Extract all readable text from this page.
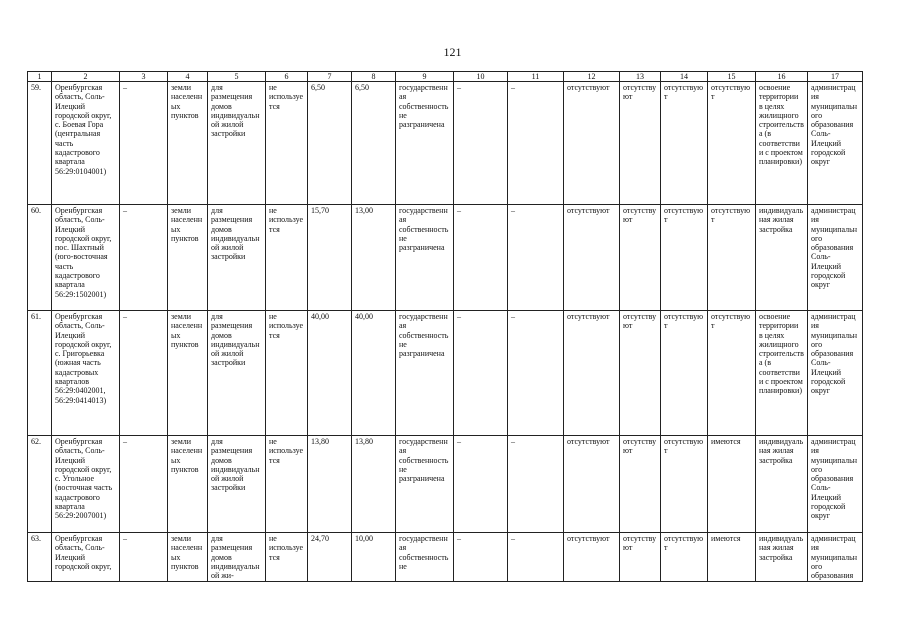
121
1	2	3	4	5	6	7	8	9	10	11	12	13	14	15	16	17
59.	Оренбургская область, Соль-Илецкий городской округ, с. Боевая Гора (центральная часть кадастрового квартала 56:29:0104001)	–	земли населенных пунктов	для размещения домов индивидуальной жилой застройки	не используется	6,50	6,50	государственная собственность не разграничена	–	–	отсутствуют	отсутствуют	отсутствуют	отсутствуют	освоение территории в целях жилищного строительства (в соответствии с проектом планировки)	администрация муниципального образования Соль-Илецкий городской округ
60.	Оренбургская область, Соль-Илецкий городской округ, пос. Шахтный (юго-восточная часть кадастрового квартала 56:29:1502001)	–	земли населенных пунктов	для размещения домов индивидуальной жилой застройки	не используется	15,70	13,00	государственная собственность не разграничена	–	–	отсутствуют	отсутствуют	отсутствуют	отсутствуют	индивидуальная жилая застройка	администрация муниципального образования Соль-Илецкий городской округ
61.	Оренбургская область, Соль-Илецкий городской округ, с. Григорьевка (южная часть кадастровых кварталов 56:29:0402001, 56:29:0414013)	–	земли населенных пунктов	для размещения домов индивидуальной жилой застройки	не используется	40,00	40,00	государственная собственность не разграничена	–	–	отсутствуют	отсутствуют	отсутствуют	отсутствуют	освоение территории в целях жилищного строительства (в соответствии с проектом планировки)	администрация муниципального образования Соль-Илецкий городской округ
62.	Оренбургская область, Соль-Илецкий городской округ, с. Угольное (восточная часть кадастрового квартала 56:29:2007001)	–	земли населенных пунктов	для размещения домов индивидуальной жилой застройки	не используется	13,80	13,80	государственная собственность не разграничена	–	–	отсутствуют	отсутствуют	отсутствуют	имеются	индивидуальная жилая застройка	администрация муниципального образования Соль-Илецкий городской округ
63.	Оренбургская область, Соль-Илецкий городской округ,	–	земли населенных пунктов	для размещения домов индивидуальной жи-	не используется	24,70	10,00	государственная собственность не	–	–	отсутствуют	отсутствуют	отсутствуют	имеются	индивидуальная жилая застройка	администрация муниципального образования
